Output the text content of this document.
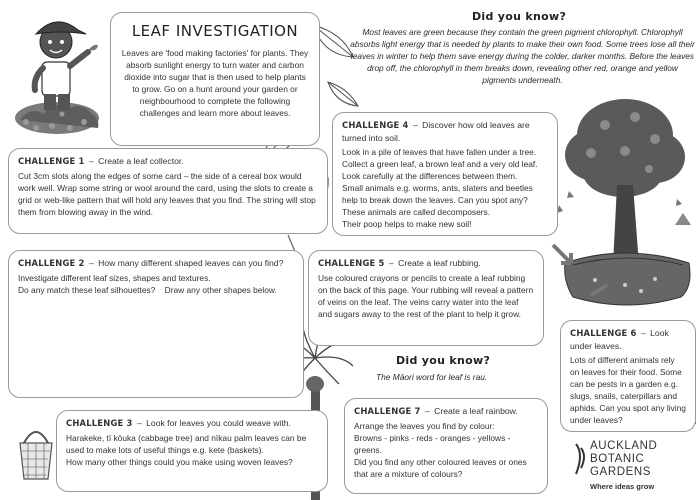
LEAF INVESTIGATION

Leaves are 'food making factories' for plants. They absorb sunlight energy to turn water and carbon dioxide into sugar that is then used to help plants to grow. Go on a hunt around your garden or neighbourhood to complete the following challenges and learn more about leaves.

Did you know?

Most leaves are green because they contain the green pigment chlorophyll. Chlorophyll absorbs light energy that is needed by plants to make their own food. Some trees lose all their leaves in winter to help them save energy during the colder, darker months. Before the leaves drop off, the chlorophyll in them breaks down, revealing other red, orange and yellow pigments underneath.

CHALLENGE 1 – Create a leaf collector.

Cut 3cm slots along the edges of some card – the side of a cereal box would work well. Wrap some string or wool around the card, using the slots to create a grid or web-like pattern that will hold any leaves that you find. The string will stop them from blowing away in the wind.

CHALLENGE 2 – How many different shaped leaves can you find?

Investigate different leaf sizes, shapes and textures.

Do any match these leaf silhouettes?    Draw any other shapes below.

CHALLENGE 3 – Look for leaves you could weave with.

Harakeke, tī kōuka (cabbage tree) and nīkau palm leaves can be used to make lots of useful things e.g. kete (baskets).

How many other things could you make using woven leaves?

CHALLENGE 4 – Discover how old leaves are turned into soil.

Look in a pile of leaves that have fallen under a tree.

Collect a green leaf, a brown leaf and a very old leaf.

Look carefully at the differences between them.

Small animals e.g. worms, ants, slaters and beetles help to break down the leaves. Can you spot any?

These animals are called decomposers.

Their poop helps to make new soil!

CHALLENGE 5 – Create a leaf rubbing.

Use coloured crayons or pencils to create a leaf rubbing on the back of this page. Your rubbing will reveal a pattern of veins on the leaf. The veins carry water into the leaf and sugars away to the rest of the plant to help it grow.

Did you know?

The Māori word for leaf is rau.

CHALLENGE 6 – Look under leaves.

Lots of different animals rely on leaves for their food. Some can be pests in a garden e.g. slugs, snails, caterpillars and aphids. Can you spot any living under leaves?

CHALLENGE 7 – Create a leaf rainbow.

Arrange the leaves you find by colour:

Browns - pinks - reds - oranges - yellows - greens.

Did you find any other coloured leaves or ones that are a mixture of colours?

AUCKLAND
BOTANIC GARDENS
Where ideas grow
